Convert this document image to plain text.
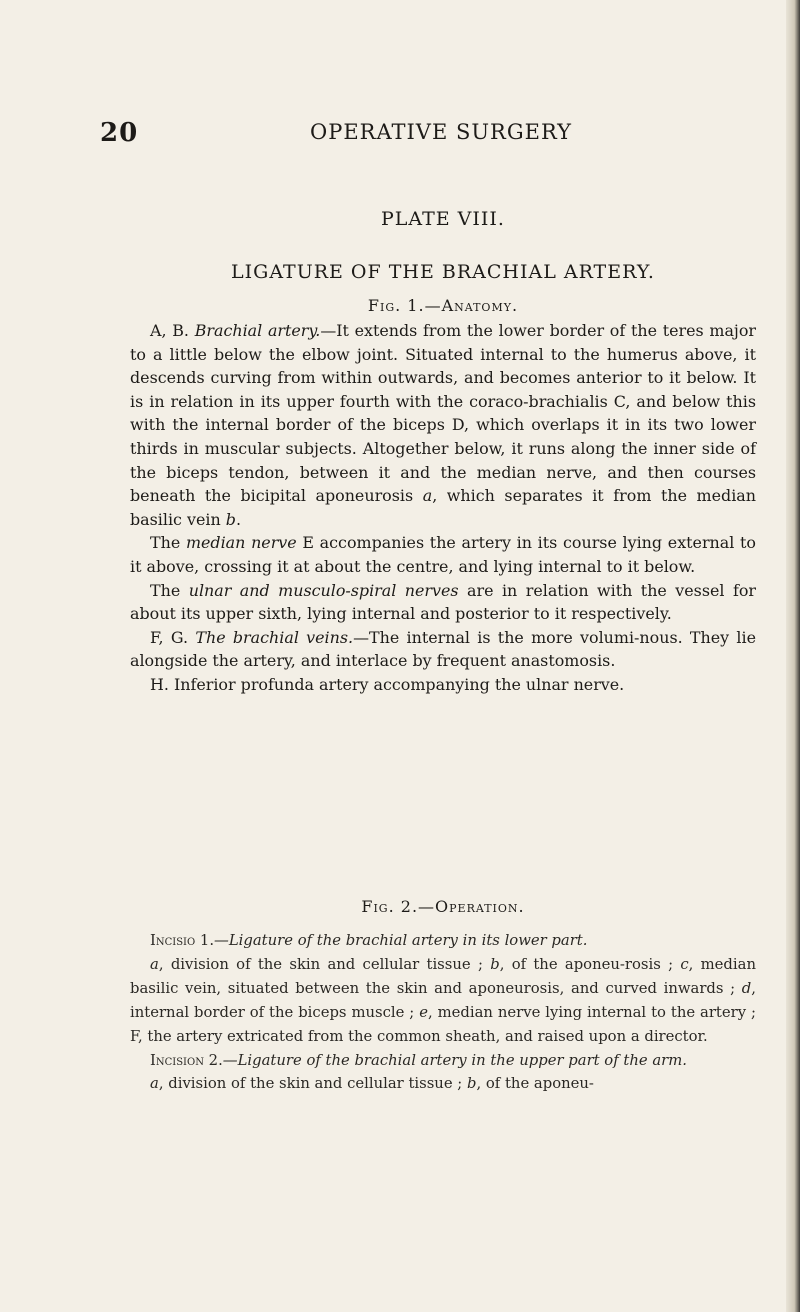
20	OPERATIVE SURGERY
PLATE VIII.
LIGATURE OF THE BRACHIAL ARTERY.
Fig. 1.—Anatomy.

A, B. Brachial artery.—It extends from the lower border of the teres major to a little below the elbow joint. Situated internal to the humerus above, it descends curving from within outwards, and becomes anterior to it below. It is in relation in its upper fourth with the coraco-brachialis C, and below this with the internal border of the biceps D, which overlaps it in its two lower thirds in muscular subjects. Altogether below, it runs along the inner side of the biceps tendon, between it and the median nerve, and then courses beneath the bicipital aponeurosis a, which separates it from the median basilic vein b.

The median nerve E accompanies the artery in its course lying external to it above, crossing it at about the centre, and lying internal to it below.

The ulnar and musculo-spiral nerves are in relation with the vessel for about its upper sixth, lying internal and posterior to it respectively.

F, G. The brachial veins.—The internal is the more volumi-nous. They lie alongside the artery, and interlace by frequent anastomosis.

H. Inferior profunda artery accompanying the ulnar nerve.

Fig. 2.—Operation.

Incisio 1.—Ligature of the brachial artery in its lower part.

a, division of the skin and cellular tissue ; b, of the aponeu-rosis ; c, median basilic vein, situated between the skin and aponeurosis, and curved inwards ; d, internal border of the biceps muscle ; e, median nerve lying internal to the artery ; F, the artery extricated from the common sheath, and raised upon a director.

Incision 2.—Ligature of the brachial artery in the upper part of the arm.

a, division of the skin and cellular tissue ; b, of the aponeu-
